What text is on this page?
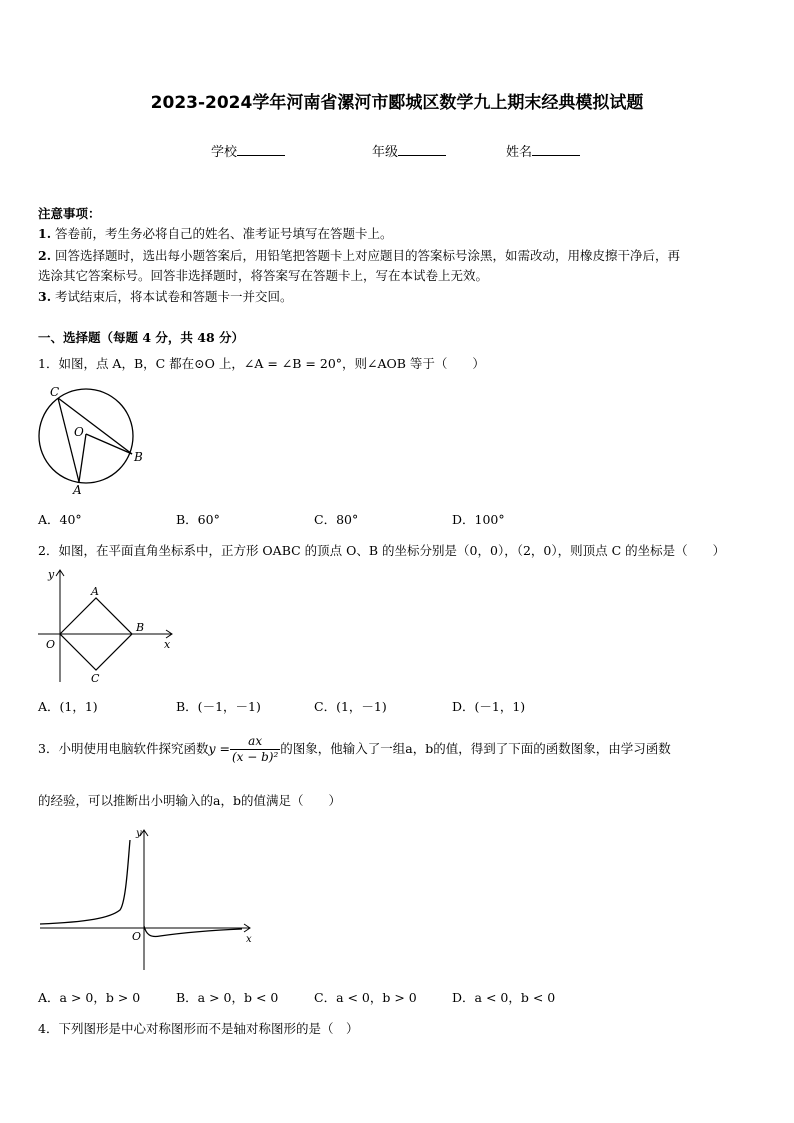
2023-2024学年河南省漯河市郾城区数学九上期末经典模拟试题
学校	年级	姓名
注意事项：
1. 答卷前，考生务必将自己的姓名、准考证号填写在答题卡上。
2. 回答选择题时，选出每小题答案后，用铅笔把答题卡上对应题目的答案标号涂黑，如需改动，用橡皮擦干净后，再
选涂其它答案标号。回答非选择题时，将答案写在答题卡上，写在本试卷上无效。
3. 考试结束后，将本试卷和答题卡一并交回。
一、选择题（每题 4 分，共 48 分）
1．如图，点 A，B，C 都在⊙O 上，∠A = ∠B = 20°，则∠AOB 等于（　　）
C
O
B
A
A．40°	B．60°	C．80°	D．100°
2．如图，在平面直角坐标系中，正方形 OABC 的顶点 O、B 的坐标分别是（0，0），（2，0），则顶点 C 的坐标是（　　）
y
A
B
O	x
C
A．(1，1)	B．(－1，－1)	C．(1，－1)	D．(－1，1)
3．小明使用电脑软件探究函数$y = \frac{ax}{\text{(x − b)²}}$ 的图象，他输入了一组a，b的值，得到了下面的函数图象，由学习函数
的经验，可以推断出小明输入的a，b的值满足（　　）
y
O	x
A．a > 0，b > 0	B．a > 0，b < 0	C．a < 0，b > 0	D．a < 0，b < 0
4．下列图形是中心对称图形而不是轴对称图形的是（　）
